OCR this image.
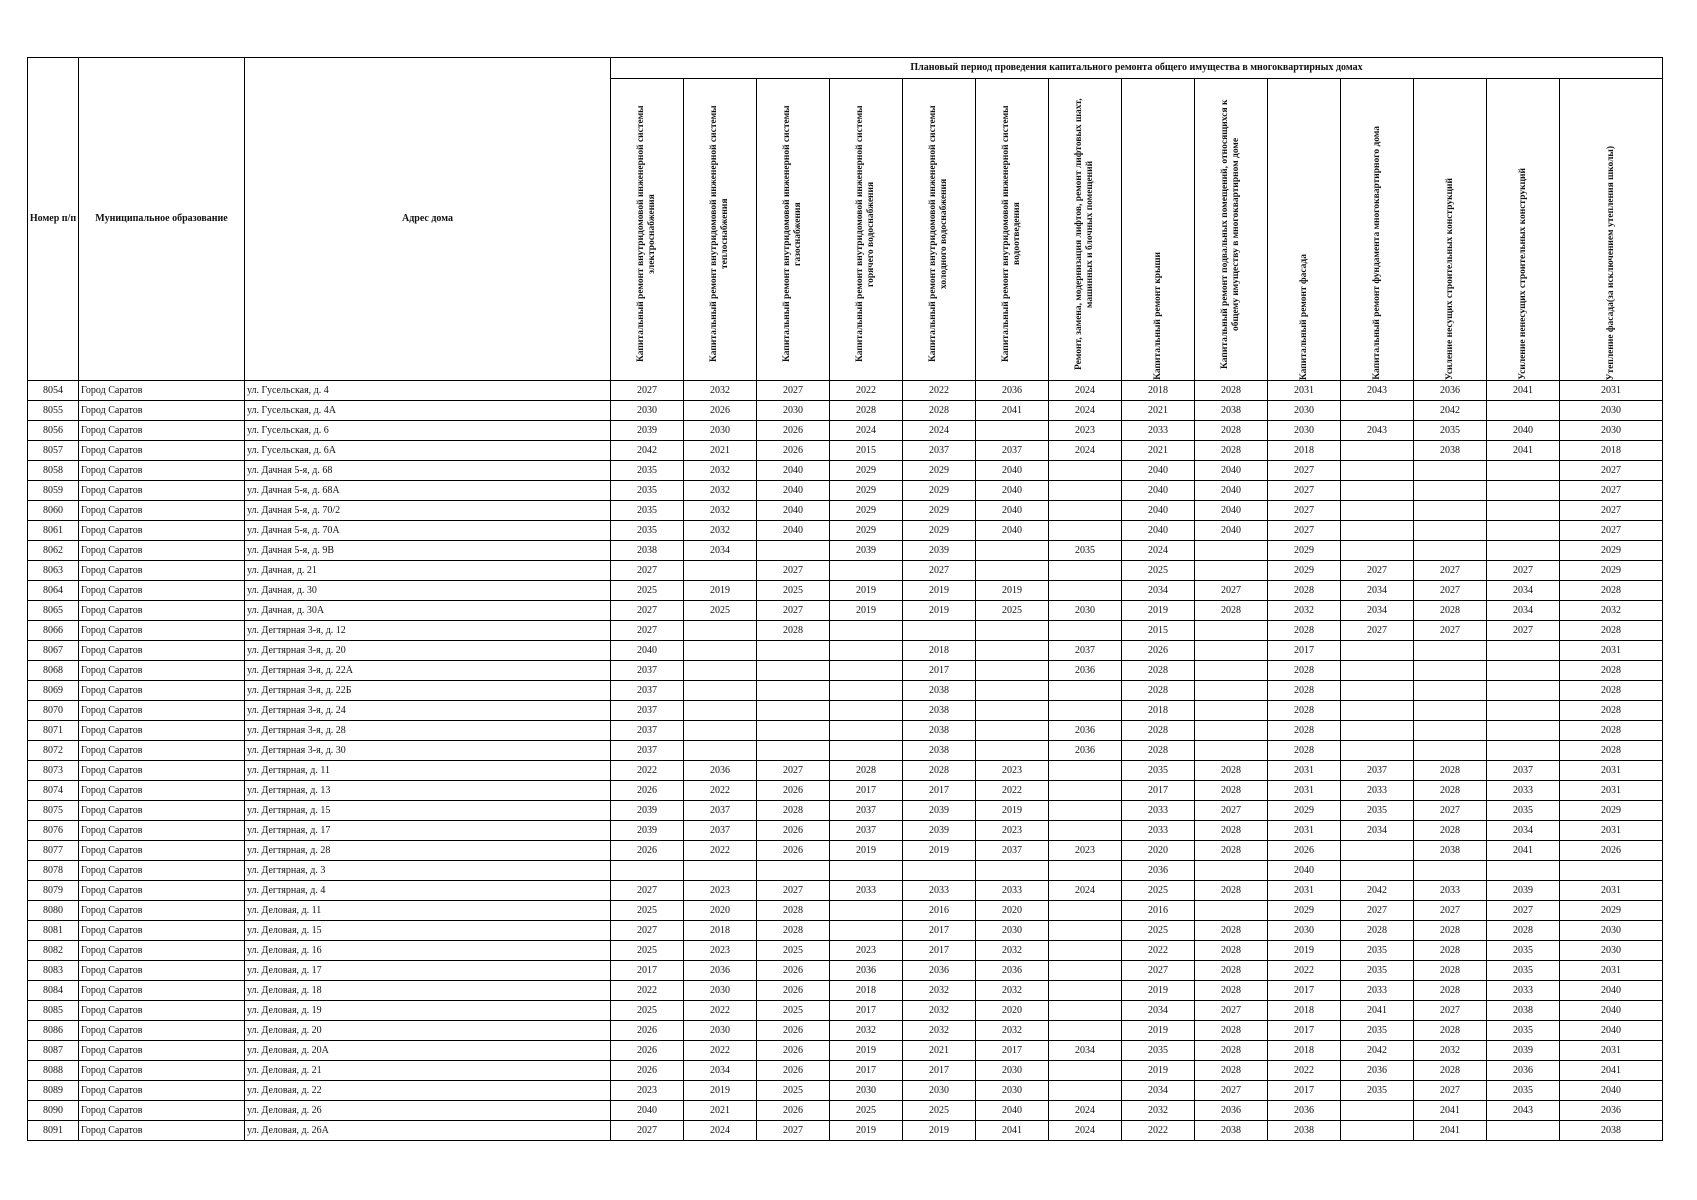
Номер п/п	Муниципальное образование	Адрес дома	Плановый период проведения капитального ремонта общего имущества в многоквартирных домах													

			Капитальный ремонт внутридомовой инженерной системы электроснабжения	Капитальный ремонт внутридомовой инженерной системы теплоснабжения	Капитальный ремонт внутридомовой инженерной системы газоснабжения	Капитальный ремонт внутридомовой инженерной системы горячего водоснабжения	Капитальный ремонт внутридомовой инженерной системы холодного водоснабжения	Капитальный ремонт внутридомовой инженерной системы водоотведения	Ремонт, замена, модернизация лифтов, ремонт лифтовых шахт, машинных и блочных помещений	Капитальный ремонт крыши	Капитальный ремонт подвальных помещений, относящихся к общему имуществу в многоквартирном доме	Капитальный ремонт фасада	Капитальный ремонт фундамента многоквартирного дома	Усиление несущих строительных конструкций	Усиление ненесущих строительных конструкций	Утепление фасада(за исключением утепления школы)

8054	Город Саратов	ул. Гусельская, д. 4	2027	2032	2027	2022	2022	2036	2024	2018	2028	2031	2043	2036	2041	2031
8055	Город Саратов	ул. Гусельская, д. 4А	2030	2026	2030	2028	2028	2041	2024	2021	2038	2030		2042		2030
8056	Город Саратов	ул. Гусельская, д. 6	2039	2030	2026	2024	2024		2023	2033	2028	2030	2043	2035	2040	2030
8057	Город Саратов	ул. Гусельская, д. 6А	2042	2021	2026	2015	2037	2037	2024	2021	2028	2018		2038	2041	2018
8058	Город Саратов	ул. Дачная 5-я, д. 68	2035	2032	2040	2029	2029	2040		2040	2040	2027				2027
8059	Город Саратов	ул. Дачная 5-я, д. 68А	2035	2032	2040	2029	2029	2040		2040	2040	2027				2027
8060	Город Саратов	ул. Дачная 5-я, д. 70/2	2035	2032	2040	2029	2029	2040		2040	2040	2027				2027
8061	Город Саратов	ул. Дачная 5-я, д. 70А	2035	2032	2040	2029	2029	2040		2040	2040	2027				2027
8062	Город Саратов	ул. Дачная 5-я, д. 9В	2038	2034		2039	2039		2035	2024		2029				2029
8063	Город Саратов	ул. Дачная, д. 21	2027		2027		2027			2025		2029	2027	2027	2027	2029
8064	Город Саратов	ул. Дачная, д. 30	2025	2019	2025	2019	2019	2019		2034	2027	2028	2034	2027	2034	2028
8065	Город Саратов	ул. Дачная, д. 30А	2027	2025	2027	2019	2019	2025	2030	2019	2028	2032	2034	2028	2034	2032
8066	Город Саратов	ул. Дегтярная 3-я, д. 12	2027		2028					2015		2028	2027	2027	2027	2028
8067	Город Саратов	ул. Дегтярная 3-я, д. 20	2040				2018		2037	2026		2017				2031
8068	Город Саратов	ул. Дегтярная 3-я, д. 22А	2037				2017		2036	2028		2028				2028
8069	Город Саратов	ул. Дегтярная 3-я, д. 22Б	2037				2038			2028		2028				2028
8070	Город Саратов	ул. Дегтярная 3-я, д. 24	2037				2038			2018		2028				2028
8071	Город Саратов	ул. Дегтярная 3-я, д. 28	2037				2038		2036	2028		2028				2028
8072	Город Саратов	ул. Дегтярная 3-я, д. 30	2037				2038		2036	2028		2028				2028
8073	Город Саратов	ул. Дегтярная, д. 11	2022	2036	2027	2028	2028	2023		2035	2028	2031	2037	2028	2037	2031
8074	Город Саратов	ул. Дегтярная, д. 13	2026	2022	2026	2017	2017	2022		2017	2028	2031	2033	2028	2033	2031
8075	Город Саратов	ул. Дегтярная, д. 15	2039	2037	2028	2037	2039	2019		2033	2027	2029	2035	2027	2035	2029
8076	Город Саратов	ул. Дегтярная, д. 17	2039	2037	2026	2037	2039	2023		2033	2028	2031	2034	2028	2034	2031
8077	Город Саратов	ул. Дегтярная, д. 28	2026	2022	2026	2019	2019	2037	2023	2020	2028	2026		2038	2041	2026
8078	Город Саратов	ул. Дегтярная, д. 3								2036		2040				
8079	Город Саратов	ул. Дегтярная, д. 4	2027	2023	2027	2033	2033	2033	2024	2025	2028	2031	2042	2033	2039	2031
8080	Город Саратов	ул. Деловая, д. 11	2025	2020	2028		2016	2020		2016		2029	2027	2027	2027	2029
8081	Город Саратов	ул. Деловая, д. 15	2027	2018	2028		2017	2030		2025	2028	2030	2028	2028	2028	2030
8082	Город Саратов	ул. Деловая, д. 16	2025	2023	2025	2023	2017	2032		2022	2028	2019	2035	2028	2035	2030
8083	Город Саратов	ул. Деловая, д. 17	2017	2036	2026	2036	2036	2036		2027	2028	2022	2035	2028	2035	2031
8084	Город Саратов	ул. Деловая, д. 18	2022	2030	2026	2018	2032	2032		2019	2028	2017	2033	2028	2033	2040
8085	Город Саратов	ул. Деловая, д. 19	2025	2022	2025	2017	2032	2020		2034	2027	2018	2041	2027	2038	2040
8086	Город Саратов	ул. Деловая, д. 20	2026	2030	2026	2032	2032	2032		2019	2028	2017	2035	2028	2035	2040
8087	Город Саратов	ул. Деловая, д. 20А	2026	2022	2026	2019	2021	2017	2034	2035	2028	2018	2042	2032	2039	2031
8088	Город Саратов	ул. Деловая, д. 21	2026	2034	2026	2017	2017	2030		2019	2028	2022	2036	2028	2036	2041
8089	Город Саратов	ул. Деловая, д. 22	2023	2019	2025	2030	2030	2030		2034	2027	2017	2035	2027	2035	2040
8090	Город Саратов	ул. Деловая, д. 26	2040	2021	2026	2025	2025	2040	2024	2032	2036	2036		2041	2043	2036
8091	Город Саратов	ул. Деловая, д. 26А	2027	2024	2027	2019	2019	2041	2024	2022	2038	2038		2041		2038
